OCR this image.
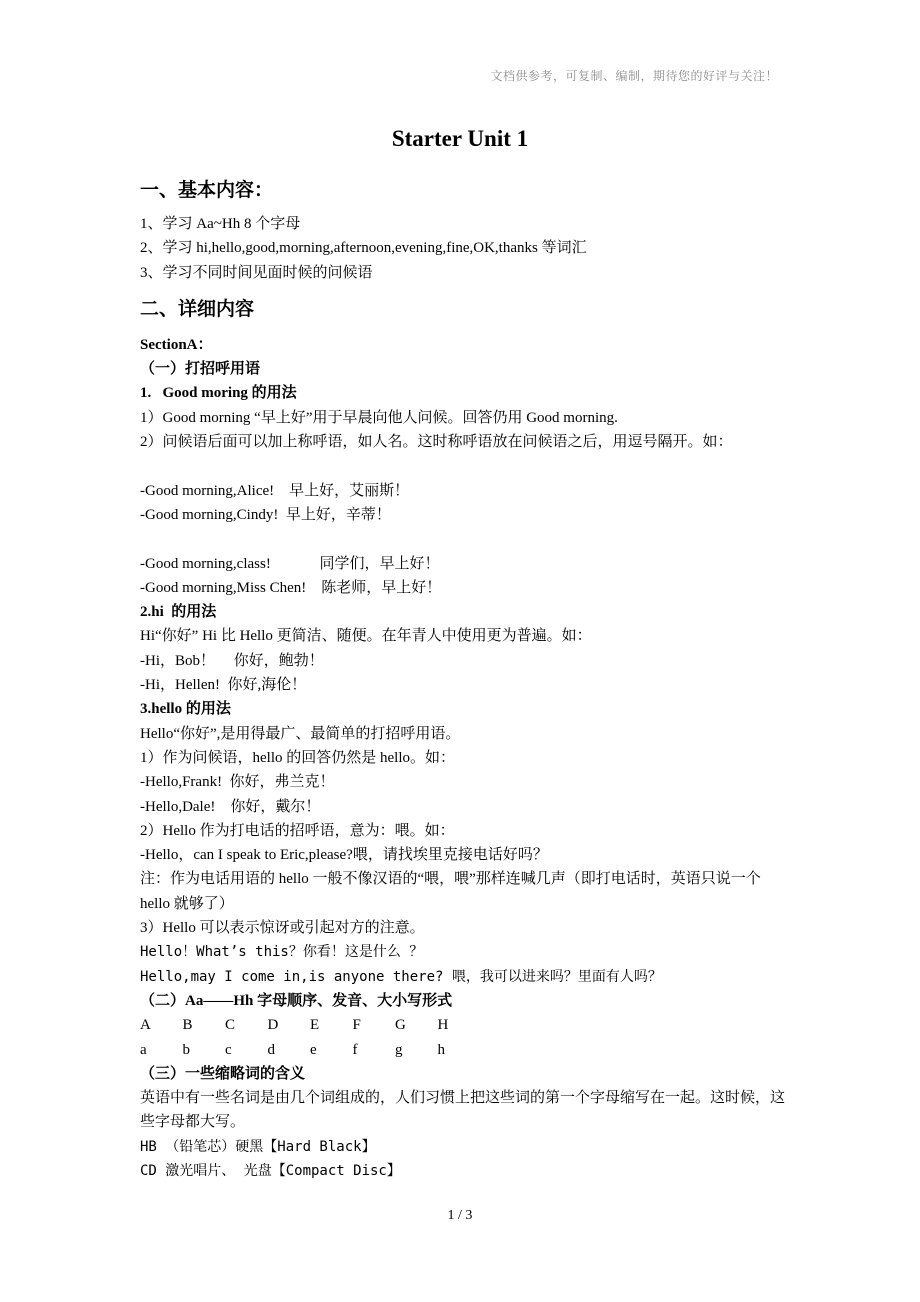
文档供参考，可复制、编制，期待您的好评与关注！
Starter Unit 1
一、基本内容：
1、学习 Aa~Hh 8 个字母
2、学习 hi,hello,good,morning,afternoon,evening,fine,OK,thanks 等词汇
3、学习不同时间见面时候的问候语
二、详细内容
SectionA：
（一）打招呼用语
1.   Good moring 的用法
1）Good morning “早上好”用于早晨向他人问候。回答仍用 Good morning.
2）问候语后面可以加上称呼语，如人名。这时称呼语放在问候语之后，用逗号隔开。如：
-Good morning,Alice!    早上好，艾丽斯！
-Good morning,Cindy!  早上好，辛蒂！
-Good morning,class!             同学们，早上好！
-Good morning,Miss Chen!    陈老师，早上好！
2.hi  的用法
Hi“你好” Hi 比 Hello 更简洁、随便。在年青人中使用更为普遍。如：
-Hi，Bob！     你好，鲍勃！
-Hi，Hellen!  你好,海伦！
3.hello 的用法
Hello“你好”,是用得最广、最简单的打招呼用语。
1）作为问候语，hello 的回答仍然是 hello。如：
-Hello,Frank!  你好，弗兰克！
-Hello,Dale!    你好，戴尔！
2）Hello 作为打电话的招呼语，意为：喂。如：
-Hello，can I speak to Eric,please?喂，请找埃里克接电话好吗？
注：作为电话用语的 hello 一般不像汉语的“喂，喂”那样连喊几声（即打电话时，英语只说一个 hello 就够了）
3）Hello 可以表示惊讶或引起对方的注意。
Hello！What’s this？你看！这是什么 ？
Hello,may I come in,is anyone there? 喂，我可以进来吗？里面有人吗？
（二）Aa——Hh 字母顺序、发音、大小写形式
A	B	C	D	E	F	G	H
a	b	c	d	e	f	g	h
（三）一些缩略词的含义
英语中有一些名词是由几个词组成的，人们习惯上把这些词的第一个字母缩写在一起。这时候，这些字母都大写。
HB （铅笔芯）硬黑【Hard Black】
CD 激光唱片、 光盘【Compact Disc】
1 / 3
